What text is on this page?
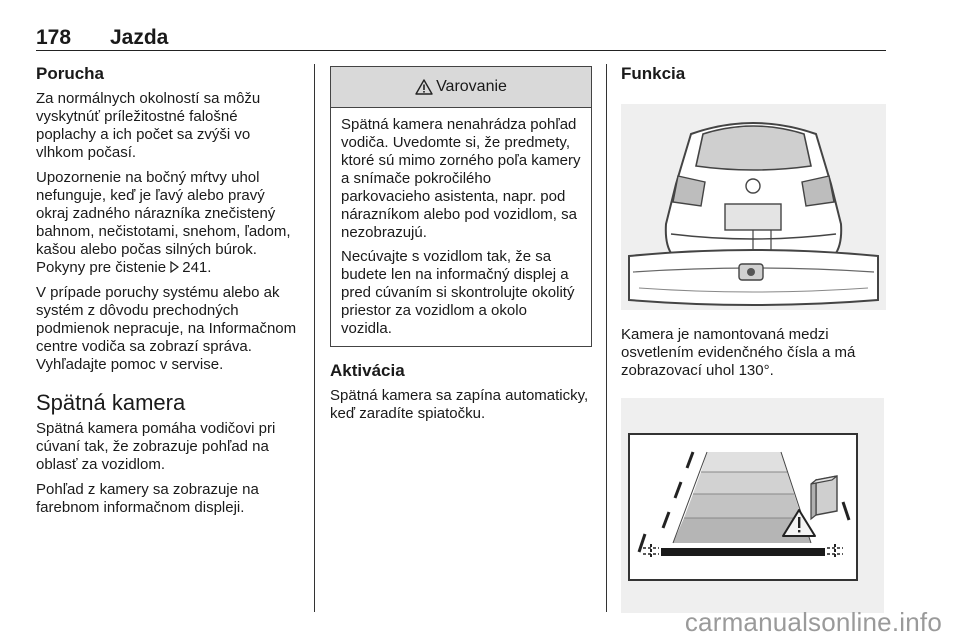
178 Jazda
Porucha

Za normálnych okolností sa môžu vyskytnúť príležitostné falošné poplachy a ich počet sa zvýši vo vlhkom počasí.

Upozornenie na bočný mŕtvy uhol nefunguje, keď je ľavý alebo pravý okraj zadného nárazníka znečistený bahnom, nečistotami, snehom, ľadom, kašou alebo počas silných búrok. Pokyny pre čistenie
241.

V prípade poruchy systému alebo ak systém z dôvodu prechodných podmienok nepracuje, na Informačnom centre vodiča sa zobrazí správa. Vyhľadajte pomoc v servise.

Spätná kamera

Spätná kamera pomáha vodičovi pri cúvaní tak, že zobrazuje pohľad na oblasť za vozidlom.

Pohľad z kamery sa zobrazuje na farebnom informačnom displeji.

Varovanie

Spätná kamera nenahrádza pohľad vodiča. Uvedomte si, že predmety, ktoré sú mimo zorného poľa kamery a snímače pokročilého parkovacieho asistenta, napr. pod nárazníkom alebo pod vozidlom, sa nezobrazujú.

Necúvajte s vozidlom tak, že sa budete len na informačný displej a pred cúvaním si skontrolujte okolitý priestor za vozidlom a okolo vozidla.

Aktivácia

Spätná kamera sa zapína automaticky, keď zaradíte spiatočku.

Funkcia

Kamera je namontovaná medzi osvetlením evidenčného čísla a má zobrazovací uhol 130°.

carmanualsonline.info
